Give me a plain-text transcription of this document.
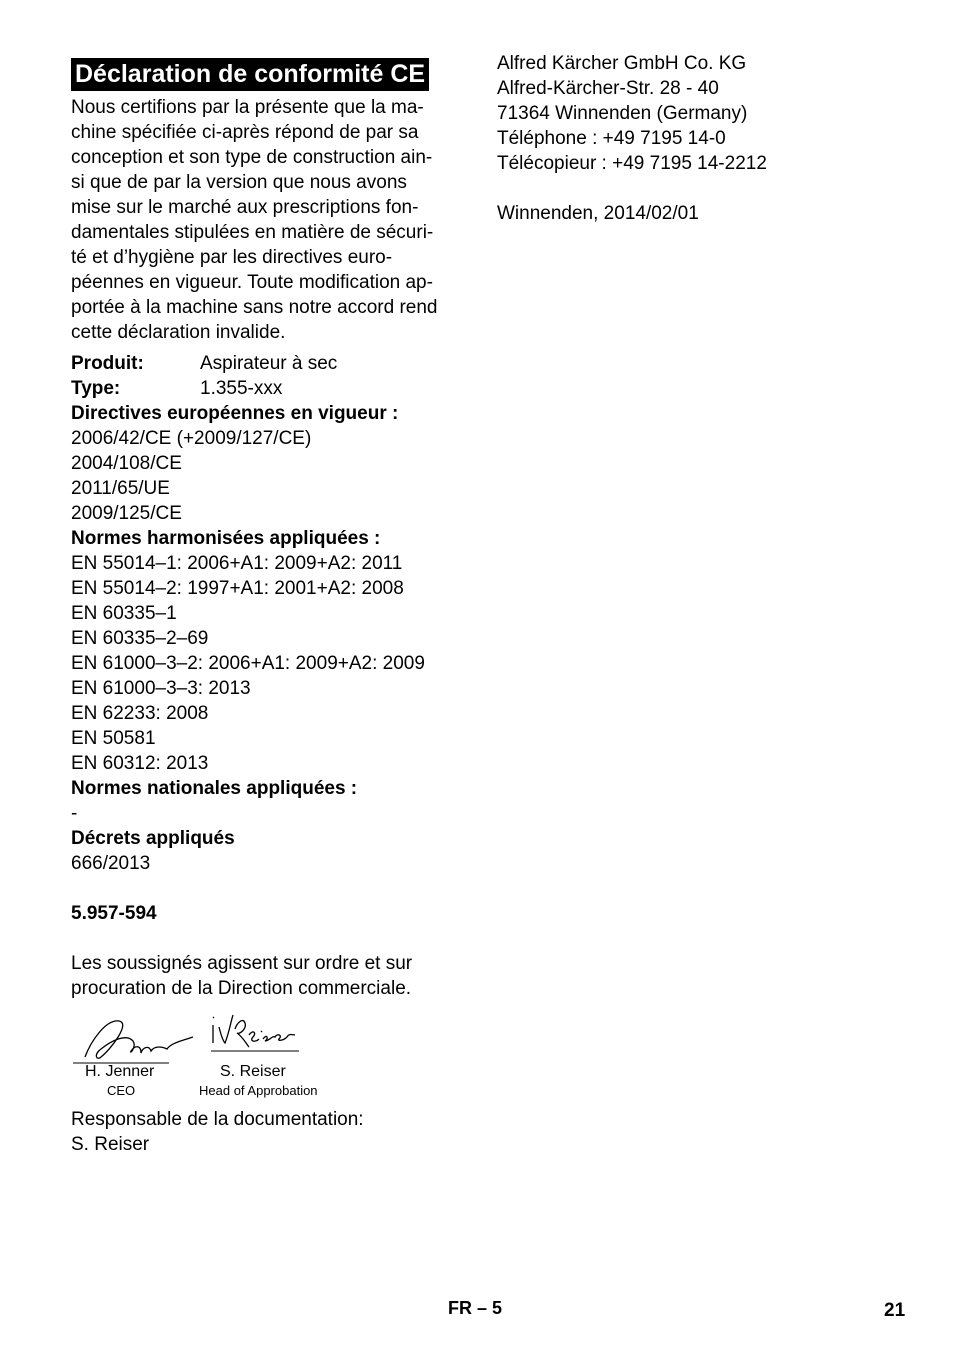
Déclaration de conformité CE
Nous certifions par la présente que la ma-
chine spécifiée ci-après répond de par sa
conception et son type de construction ain-
si que de par la version que nous avons
mise sur le marché aux prescriptions fon-
damentales stipulées en matière de sécuri-
té et d’hygiène par les directives euro-
péennes en vigueur. Toute modification ap-
portée à la machine sans notre accord rend
cette déclaration invalide.
Produit:	Aspirateur à sec
Type:	1.355-xxx
Directives européennes en vigueur :
2006/42/CE (+2009/127/CE)
2004/108/CE
2011/65/UE
2009/125/CE
Normes harmonisées appliquées :
EN 55014–1: 2006+A1: 2009+A2: 2011
EN 55014–2: 1997+A1: 2001+A2: 2008
EN 60335–1
EN 60335–2–69
EN 61000–3–2: 2006+A1: 2009+A2: 2009
EN 61000–3–3: 2013
EN 62233: 2008
EN 50581
EN 60312: 2013
Normes nationales appliquées :
-
Décrets appliqués
666/2013
5.957-594
Les soussignés agissent sur ordre et sur
procuration de la Direction commerciale.
H. Jenner
CEO
S. Reiser
Head of Approbation
Responsable de la documentation:
S. Reiser
Alfred Kärcher GmbH Co. KG
Alfred-Kärcher-Str. 28 - 40
71364 Winnenden (Germany)
Téléphone : +49 7195 14-0
Télécopieur : +49 7195 14-2212
Winnenden, 2014/02/01
FR – 5	21
